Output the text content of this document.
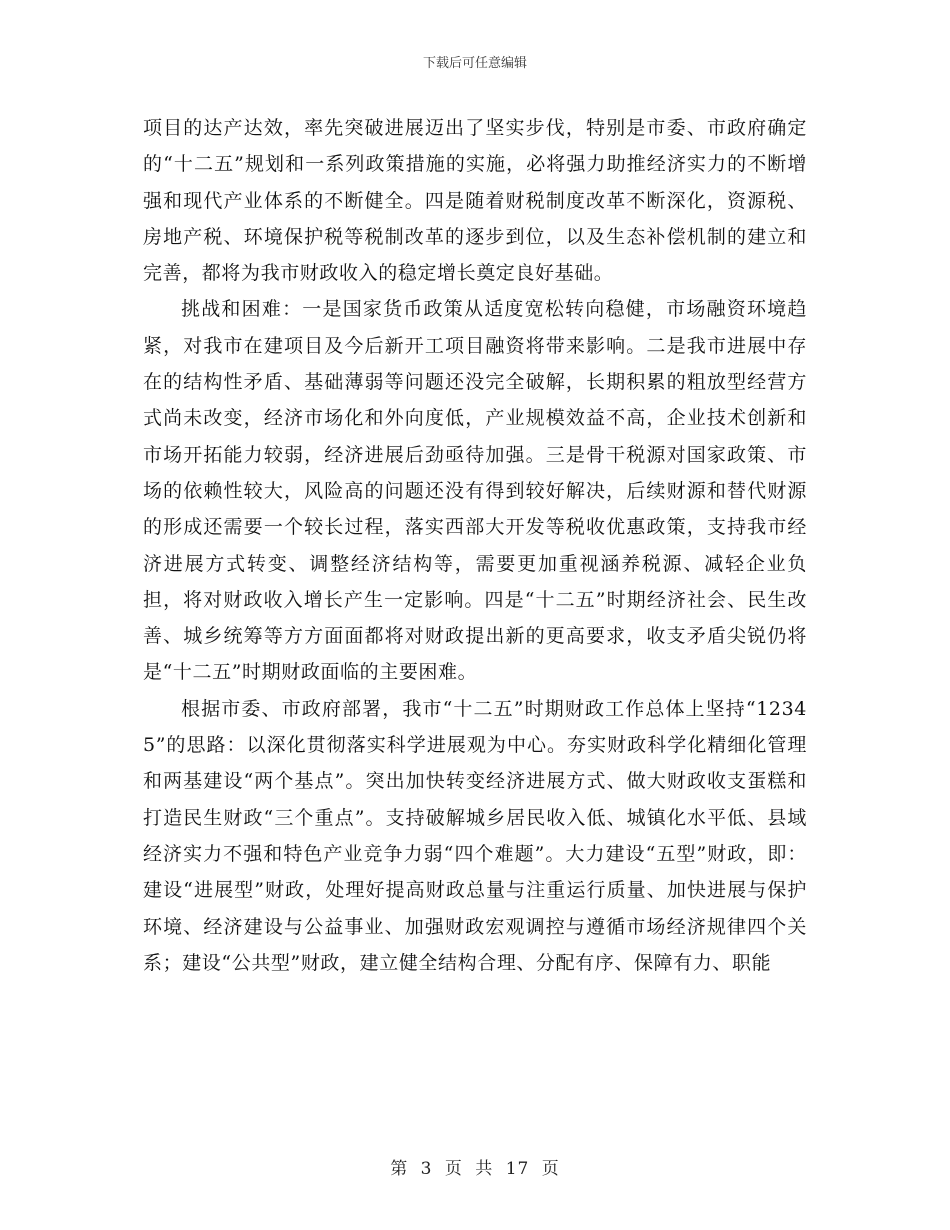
下载后可任意编辑

项目的达产达效，率先突破进展迈出了坚实步伐，特别是市委、市政府确定的“十二五”规划和一系列政策措施的实施，必将强力助推经济实力的不断增强和现代产业体系的不断健全。四是随着财税制度改革不断深化，资源税、房地产税、环境保护税等税制改革的逐步到位，以及生态补偿机制的建立和完善，都将为我市财政收入的稳定增长奠定良好基础。

挑战和困难：一是国家货币政策从适度宽松转向稳健，市场融资环境趋紧，对我市在建项目及今后新开工项目融资将带来影响。二是我市进展中存在的结构性矛盾、基础薄弱等问题还没完全破解，长期积累的粗放型经营方式尚未改变，经济市场化和外向度低，产业规模效益不高，企业技术创新和市场开拓能力较弱，经济进展后劲亟待加强。三是骨干税源对国家政策、市场的依赖性较大，风险高的问题还没有得到较好解决，后续财源和替代财源的形成还需要一个较长过程，落实西部大开发等税收优惠政策，支持我市经济进展方式转变、调整经济结构等，需要更加重视涵养税源、减轻企业负担，将对财政收入增长产生一定影响。四是“十二五”时期经济社会、民生改善、城乡统筹等方方面面都将对财政提出新的更高要求，收支矛盾尖锐仍将是“十二五”时期财政面临的主要困难。

根据市委、市政府部署，我市“十二五”时期财政工作总体上坚持“12345”的思路：以深化贯彻落实科学进展观为中心。夯实财政科学化精细化管理和两基建设“两个基点”。突出加快转变经济进展方式、做大财政收支蛋糕和打造民生财政“三个重点”。支持破解城乡居民收入低、城镇化水平低、县域经济实力不强和特色产业竞争力弱“四个难题”。大力建设“五型”财政，即：建设“进展型”财政，处理好提高财政总量与注重运行质量、加快进展与保护环境、经济建设与公益事业、加强财政宏观调控与遵循市场经济规律四个关系；建设“公共型”财政，建立健全结构合理、分配有序、保障有力、职能

第 3 页 共 17 页
